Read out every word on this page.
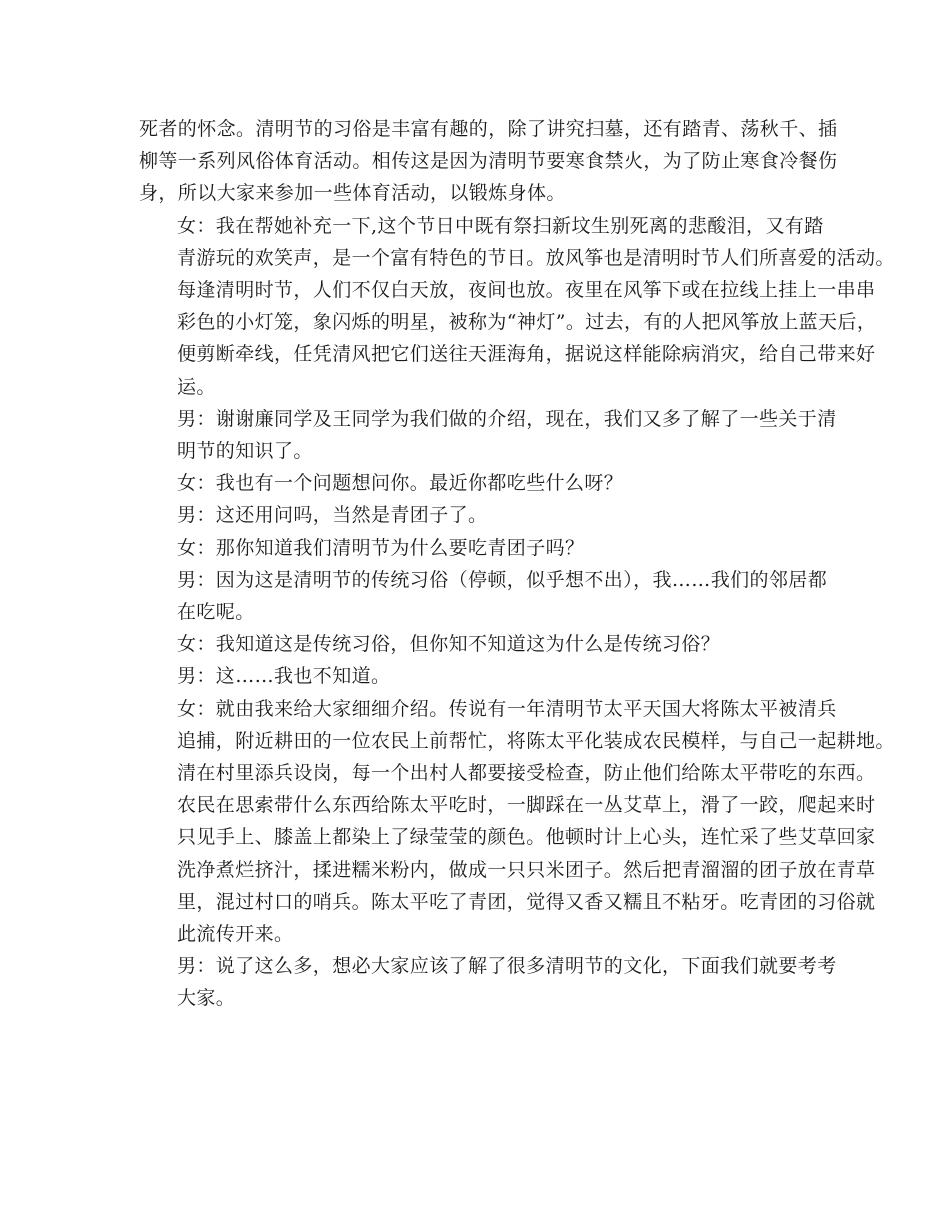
死者的怀念。清明节的习俗是丰富有趣的，除了讲究扫墓，还有踏青、荡秋千、插
柳等一系列风俗体育活动。相传这是因为清明节要寒食禁火，为了防止寒食冷餐伤
身，所以大家来参加一些体育活动，以锻炼身体。

女：我在帮她补充一下,这个节日中既有祭扫新坟生别死离的悲酸泪，又有踏
青游玩的欢笑声，是一个富有特色的节日。放风筝也是清明时节人们所喜爱的活动。
每逢清明时节，人们不仅白天放，夜间也放。夜里在风筝下或在拉线上挂上一串串
彩色的小灯笼，象闪烁的明星，被称为“神灯”。过去，有的人把风筝放上蓝天后，
便剪断牵线，任凭清风把它们送往天涯海角，据说这样能除病消灾，给自己带来好
运。

男：谢谢廉同学及王同学为我们做的介绍，现在，我们又多了解了一些关于清
明节的知识了。

女：我也有一个问题想问你。最近你都吃些什么呀？

男：这还用问吗，当然是青团子了。

女：那你知道我们清明节为什么要吃青团子吗？

男：因为这是清明节的传统习俗（停顿，似乎想不出），我……我们的邻居都
在吃呢。

女：我知道这是传统习俗，但你知不知道这为什么是传统习俗？

男：这……我也不知道。

女：就由我来给大家细细介绍。传说有一年清明节太平天国大将陈太平被清兵
追捕，附近耕田的一位农民上前帮忙，将陈太平化装成农民模样，与自己一起耕地。
清在村里添兵设岗，每一个出村人都要接受检查，防止他们给陈太平带吃的东西。
农民在思索带什么东西给陈太平吃时，一脚踩在一丛艾草上，滑了一跤，爬起来时
只见手上、膝盖上都染上了绿莹莹的颜色。他顿时计上心头，连忙采了些艾草回家
洗净煮烂挤汁，揉进糯米粉内，做成一只只米团子。然后把青溜溜的团子放在青草
里，混过村口的哨兵。陈太平吃了青团，觉得又香又糯且不粘牙。吃青团的习俗就
此流传开来。

男：说了这么多，想必大家应该了解了很多清明节的文化，下面我们就要考考
大家。
